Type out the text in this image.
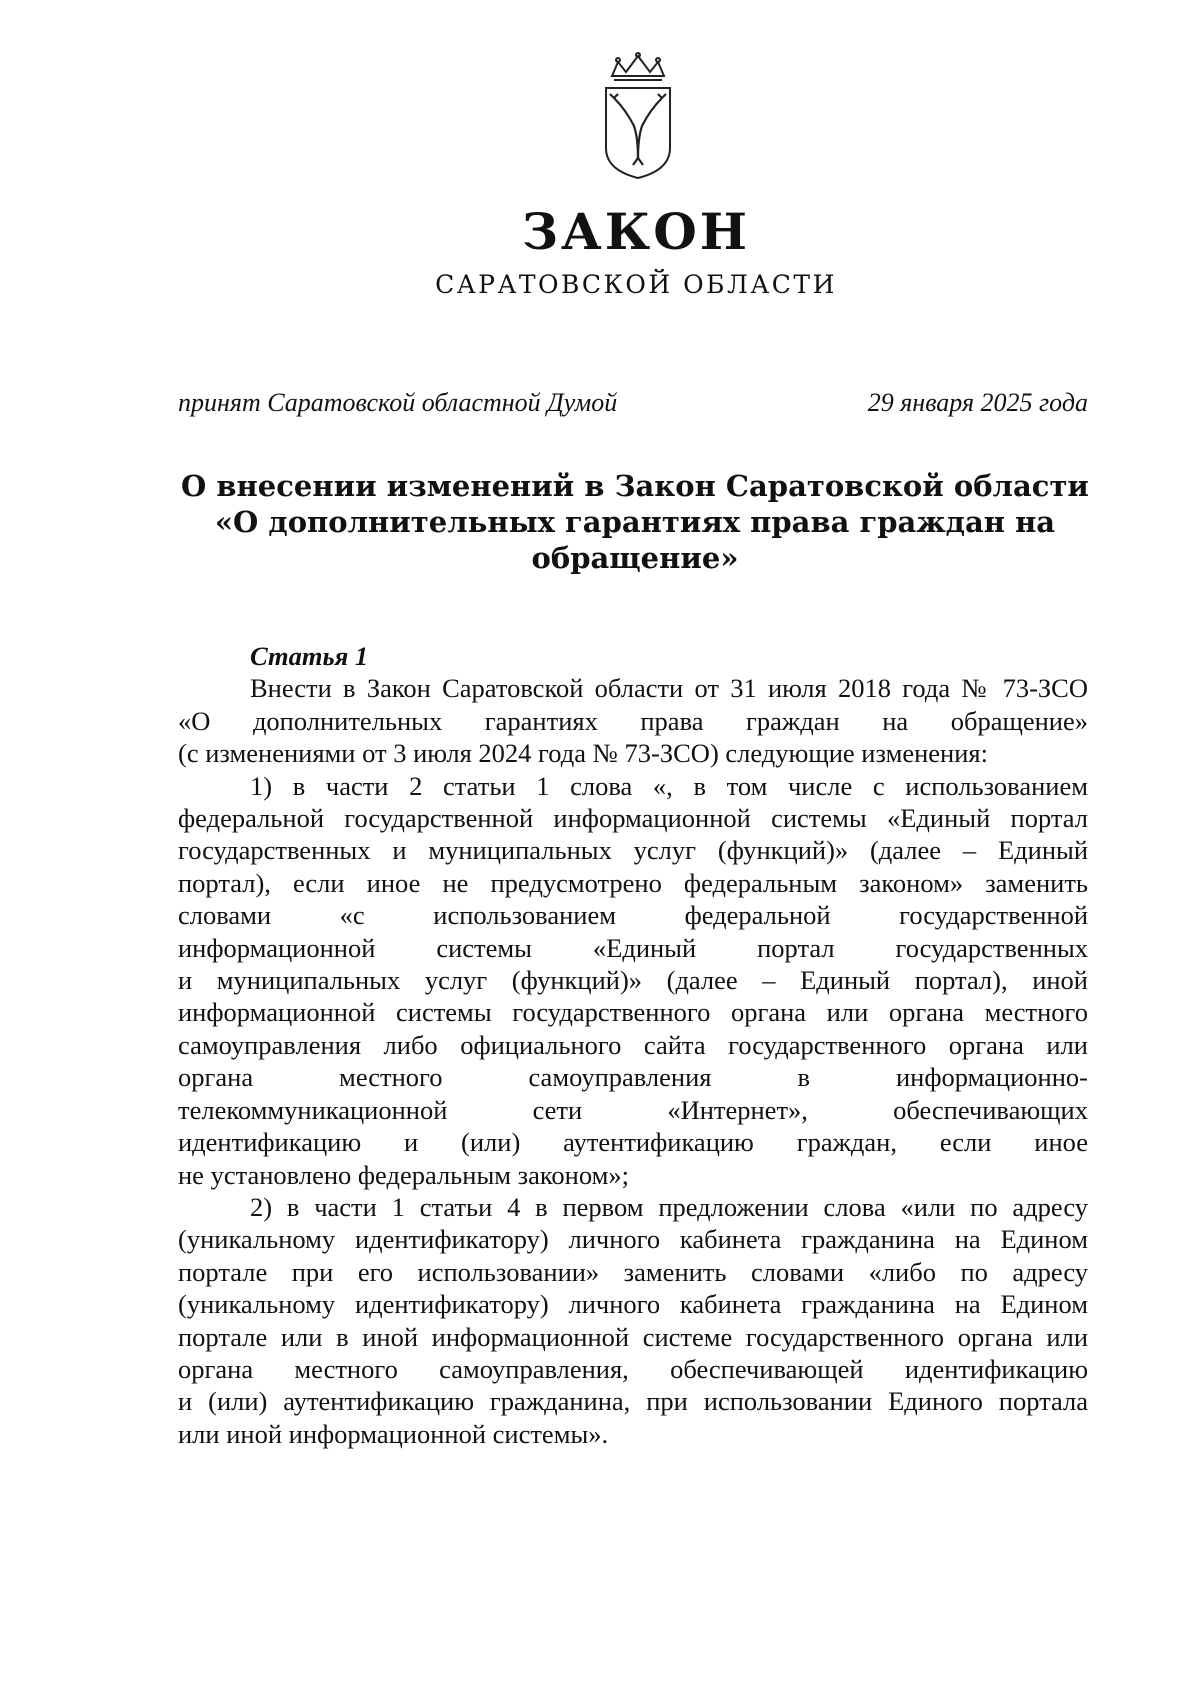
ЗАКОН
САРАТОВСКОЙ ОБЛАСТИ
принят Саратовской областной Думой	29 января 2025 года
О внесении изменений в Закон Саратовской области
«О дополнительных гарантиях права граждан на
обращение»

Статья 1

Внести в Закон Саратовской области от 31 июля 2018 года № 73-ЗСО
«О дополнительных гарантиях права граждан на обращение»
(с изменениями от 3 июля 2024 года № 73-ЗСО) следующие изменения:
1) в части 2 статьи 1 слова «, в том числе с использованием
федеральной государственной информационной системы «Единый портал
государственных и муниципальных услуг (функций)» (далее – Единый
портал), если иное не предусмотрено федеральным законом» заменить
словами «с использованием федеральной государственной
информационной системы «Единый портал государственных
и муниципальных услуг (функций)» (далее – Единый портал), иной
информационной системы государственного органа или органа местного
самоуправления либо официального сайта государственного органа или
органа местного самоуправления в информационно-
телекоммуникационной сети «Интернет», обеспечивающих
идентификацию и (или) аутентификацию граждан, если иное
не установлено федеральным законом»;
2) в части 1 статьи 4 в первом предложении слова «или по адресу
(уникальному идентификатору) личного кабинета гражданина на Едином
портале при его использовании» заменить словами «либо по адресу
(уникальному идентификатору) личного кабинета гражданина на Едином
портале или в иной информационной системе государственного органа или
органа местного самоуправления, обеспечивающей идентификацию
и (или) аутентификацию гражданина, при использовании Единого портала
или иной информационной системы».
